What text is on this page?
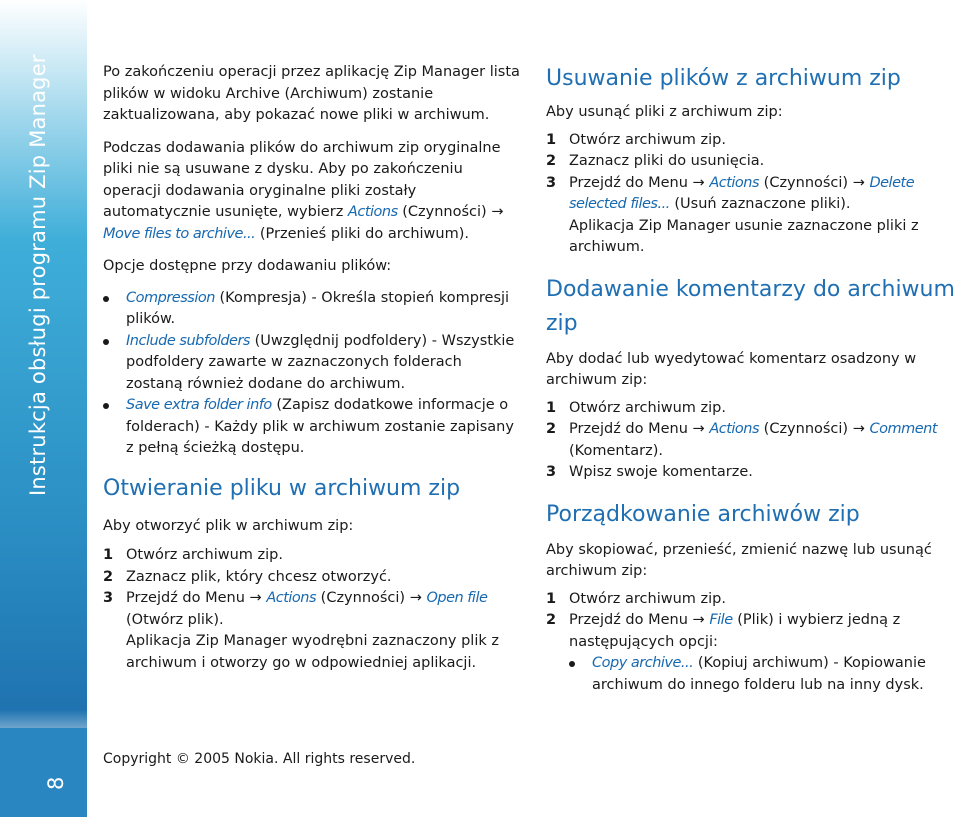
Instrukcja obsługi programu Zip Manager
8

Po zakończeniu operacji przez aplikację Zip Manager lista plików w widoku Archive (Archiwum) zostanie zaktualizowana, aby pokazać nowe pliki w archiwum.

Podczas dodawania plików do archiwum zip oryginalne pliki nie są usuwane z dysku. Aby po zakończeniu operacji dodawania oryginalne pliki zostały automatycznie usunięte, wybierz Actions (Czynności) → Move files to archive... (Przenieś pliki do archiwum).

Opcje dostępne przy dodawaniu plików:

Compression (Kompresja) - Określa stopień kompresji plików.
Include subfolders (Uwzględnij podfoldery) - Wszystkie podfoldery zawarte w zaznaczonych folderach zostaną również dodane do archiwum.
Save extra folder info (Zapisz dodatkowe informacje o folderach) - Każdy plik w archiwum zostanie zapisany z pełną ścieżką dostępu.
Otwieranie pliku w archiwum zip

Aby otworzyć plik w archiwum zip:

1 Otwórz archiwum zip.
2 Zaznacz plik, który chcesz otworzyć.
3 Przejdź do Menu → Actions (Czynności) → Open file (Otwórz plik).
Aplikacja Zip Manager wyodrębni zaznaczony plik z archiwum i otworzy go w odpowiedniej aplikacji.
Usuwanie plików z archiwum zip

Aby usunąć pliki z archiwum zip:

1 Otwórz archiwum zip.
2 Zaznacz pliki do usunięcia.
3 Przejdź do Menu → Actions (Czynności) → Delete selected files... (Usuń zaznaczone pliki).
Aplikacja Zip Manager usunie zaznaczone pliki z archiwum.
Dodawanie komentarzy do archiwum zip

Aby dodać lub wyedytować komentarz osadzony w archiwum zip:

1 Otwórz archiwum zip.
2 Przejdź do Menu → Actions (Czynności) → Comment (Komentarz).
3 Wpisz swoje komentarze.
Porządkowanie archiwów zip

Aby skopiować, przenieść, zmienić nazwę lub usunąć archiwum zip:

1 Otwórz archiwum zip.
2 Przejdź do Menu → File (Plik) i wybierz jedną z następujących opcji:
Copy archive... (Kopiuj archiwum) - Kopiowanie archiwum do innego folderu lub na inny dysk.
Copyright © 2005 Nokia. All rights reserved.
